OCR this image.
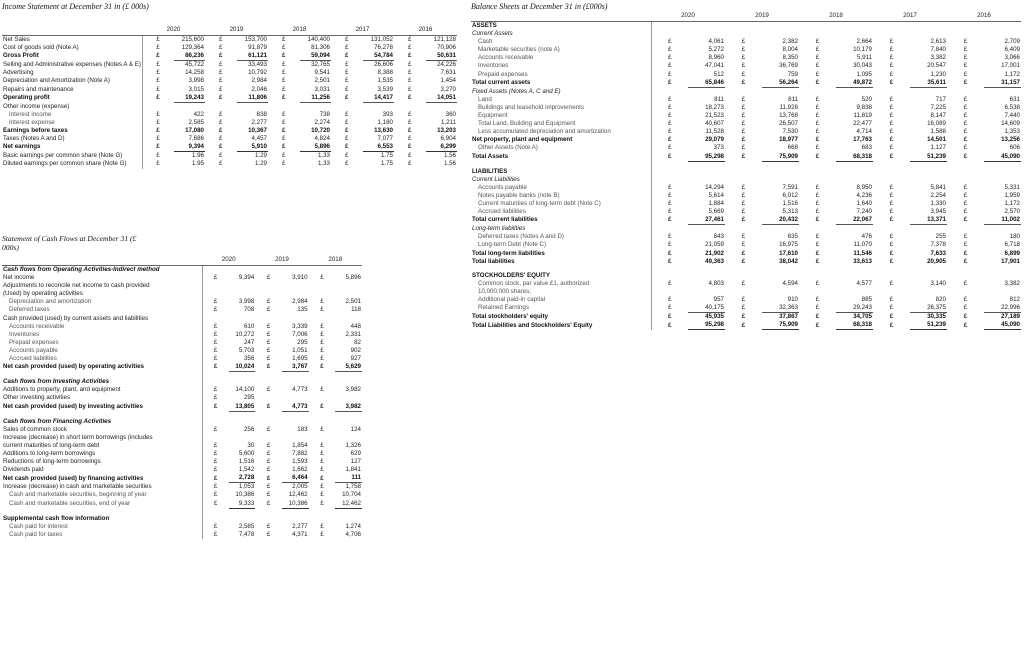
Income Statement at December 31 in (£ 000s)
	2020		2019		2018		2017		2016	
Net Sales	£	215,600	£	153,700	£	140,400	£	131,052	£	121,128
Cost of goods sold (Note A)	£	129,364	£	91,879	£	81,306	£	76,278	£	70,906
Gross Profit	£	86,236	£	61,121	£	59,094	£	54,784	£	50,631
Selling and Administrative expenses (Notes A & E)	£	45,722	£	33,493	£	32,765	£	26,606	£	24,226
Advertising	£	14,258	£	10,792	£	9,541	£	8,388	£	7,631
Depreciation and Amortization (Note A)	£	3,998	£	2,984	£	2,501	£	1,535	£	1,454
Repairs and maintenance	£	3,015	£	2,046	£	3,031	£	3,539	£	3,270
Operating profit	£	19,243	£	11,806	£	11,256	£	14,417	£	14,051
Other income (expense)										
Interest income	£	422	£	838	£	738	£	393	£	360
Interest expense	£	2,585	£	2,277	£	2,274	£	1,180	£	1,211
Earnings before taxes	£	17,080	£	10,367	£	10,720	£	13,630	£	13,203
Taxes (Notes A and D)	£	7,686	£	4,457	£	4,824	£	7,077	£	6,904
Net earnings	£	9,394	£	5,910	£	5,896	£	6,553	£	6,299
Basic earnings per common share (Note G)	£	1.96	£	1.29	£	1.33	£	1.75	£	1.56
Diluted earnings per common share (Note G)	£	1.95	£	1.29	£	1.33	£	1.75	£	1.56
Statement of Cash Flows at December 31 (£ 000s)
	2020		2019		2018	
Cash flows from Operating Activities-Indirect method						
Net income	£	9,394	£	3,910	£	5,896
Adjustments to reconcile net income to cash provided						
(Used) by operating activities						
Depreciation and amortization	£	3,998	£	2,984	£	2,501
Deferred taxes	£	708	£	135	£	118
Cash provided (used) by current assets and liabilities						
Accounts receivable	£	610	£	3,339	£	448
Inventories	£	10,272	£	7,006	£	2,331
Prepaid expenses	£	247	£	295	£	82
Accounts payable	£	5,703	£	1,051	£	902
Accrued liabilities	£	356	£	1,695	£	927
Net cash provided (used) by operating activities	£	10,024	£	3,767	£	5,629

Cash flows from Investing Activities						
Additions to property, plant, and equipment	£	14,100	£	4,773	£	3,982
Other investing activities	£	295				
Net cash provided (used) by investing activities	£	13,805	£	4,773	£	3,982

Cash flows from Financing Activities						
Sales of common stock	£	256	£	183	£	124
Increase (decrease) in short term borrowings (includes						
current maturities of long-term debt	£	30	£	1,854	£	1,326
Additions to long-term borrowings	£	5,600	£	7,882	£	629
Reductions of long-term borrowings	£	1,516	£	1,593	£	127
Dividends paid	£	1,542	£	1,662	£	1,841
Net cash provided (used) by financing activities	£	2,728	£	6,464	£	111
Increase (decrease) in cash and marketable securities	£	1,053	£	2,005	£	1,758
Cash and marketable securities, beginning of year	£	10,386	£	12,462	£	10,704
Cash and marketable securities, end of year	£	9,333	£	10,386	£	12,462

Supplemental cash flow information						
Cash paid for interest	£	2,585	£	2,277	£	1,274
Cash paid for taxes	£	7,478	£	4,371	£	4,706
Balance Sheets at December 31 in (£000s)
	2020		2019		2018		2017		2016	
ASSETS										
Current Assets										
Cash	£	4,061	£	2,382	£	2,664	£	2,613	£	2,709
Marketable securities (note A)	£	5,272	£	8,004	£	10,179	£	7,840	£	6,409
Accounts receivable	£	8,960	£	8,350	£	5,911	£	3,382	£	3,066
Inventories	£	47,041	£	36,769	£	30,043	£	20,547	£	17,001
Prepaid expenses	£	512	£	759	£	1,095	£	1,230	£	1,172
Total current assets	£	65,846	£	56,264	£	49,872	£	35,611	£	31,157
Fixed Assets (Notes A, C and E)										
Land	£	811	£	811	£	520	£	717	£	631
Buildings and leasehold improvements	£	18,273	£	11,928	£	9,838	£	7,225	£	6,538
Equipment	£	21,523	£	13,768	£	11,819	£	8,147	£	7,440
Total Land, Building and Equipment	£	40,607	£	26,507	£	22,477	£	16,089	£	14,609
Less accumulated depreciation and amortization	£	11,528	£	7,530	£	4,714	£	1,588	£	1,353
Net property, plant and equipment	£	29,079	£	18,977	£	17,763	£	14,501	£	13,256
Other Assets (Note A)	£	373	£	668	£	683	£	1,127	£	606
Total Assets	£	95,298	£	75,909	£	68,318	£	51,239	£	45,090

LIABILITIES										
Current Liabilities										
Accounts payable	£	14,294	£	7,591	£	8,950	£	5,841	£	5,331
Notes payable banks (note B)	£	5,614	£	6,012	£	4,236	£	2,254	£	1,959
Current maturities of long-term debt (Note C)	£	1,884	£	1,516	£	1,640	£	1,330	£	1,172
Accrued liabilities	£	5,669	£	5,313	£	7,240	£	3,945	£	2,570
Total current liabilities	£	27,461	£	20,432	£	22,067	£	13,371	£	11,002
Long-term liabilities										
Deferred taxes (Notes A and D)	£	843	£	635	£	476	£	255	£	180
Long-term Debt (Note C)	£	21,059	£	16,975	£	11,070	£	7,378	£	6,718
Total long-term liabilities	£	21,902	£	17,610	£	11,546	£	7,633	£	6,899
Total liabilities	£	49,363	£	38,042	£	33,613	£	20,905	£	17,901

STOCKHOLDERS' EQUITY										
Common stock, par value £1, authorized	£	4,803	£	4,594	£	4,577	£	3,140	£	3,382
10,000,000 shares;										
Additional paid-in capital	£	957	£	910	£	885	£	820	£	812
Retained Earnings	£	40,175	£	32,363	£	29,243	£	26,375	£	22,996
Total stockholders' equity	£	45,935	£	37,867	£	34,705	£	30,335	£	27,189
Total Liabilities and Stockholders' Equity	£	95,298	£	75,909	£	68,318	£	51,239	£	45,090
